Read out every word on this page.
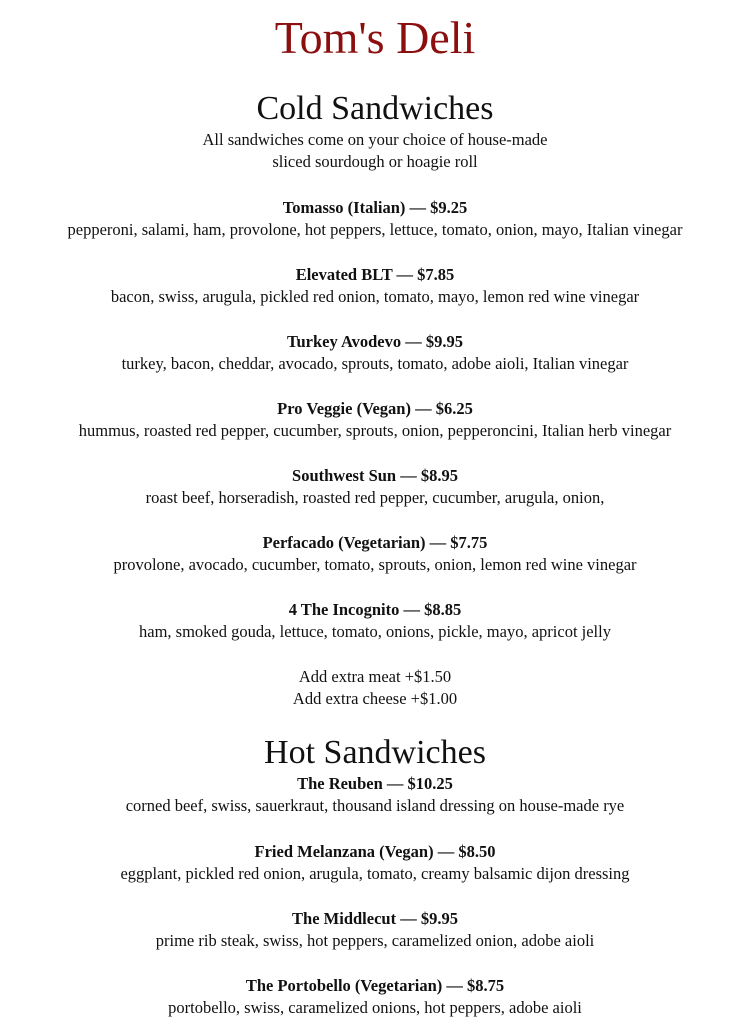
Tom's Deli
Cold Sandwiches
All sandwiches come on your choice of house-made
sliced sourdough or hoagie roll
Tomasso (Italian) — $9.25
pepperoni, salami, ham, provolone, hot peppers, lettuce, tomato, onion, mayo, Italian vinegar
Elevated BLT — $7.85
bacon, swiss, arugula, pickled red onion, tomato, mayo, lemon red wine vinegar
Turkey Avodevo — $9.95
turkey, bacon, cheddar, avocado, sprouts, tomato, adobe aioli, Italian vinegar
Pro Veggie (Vegan) — $6.25
hummus, roasted red pepper, cucumber, sprouts, onion, pepperoncini, Italian herb vinegar
Southwest Sun — $8.95
roast beef, horseradish, roasted red pepper, cucumber, arugula, onion,
Perfacado (Vegetarian) — $7.75
provolone, avocado, cucumber, tomato, sprouts, onion, lemon red wine vinegar
4 The Incognito — $8.85
ham, smoked gouda, lettuce, tomato, onions, pickle, mayo, apricot jelly
Add extra meat +$1.50
Add extra cheese +$1.00
Hot Sandwiches
The Reuben — $10.25
corned beef, swiss, sauerkraut, thousand island dressing on house-made rye
Fried Melanzana (Vegan) — $8.50
eggplant, pickled red onion, arugula, tomato, creamy balsamic dijon dressing
The Middlecut — $9.95
prime rib steak, swiss, hot peppers, caramelized onion, adobe aioli
The Portobello (Vegetarian) — $8.75
portobello, swiss, caramelized onions, hot peppers, adobe aioli
